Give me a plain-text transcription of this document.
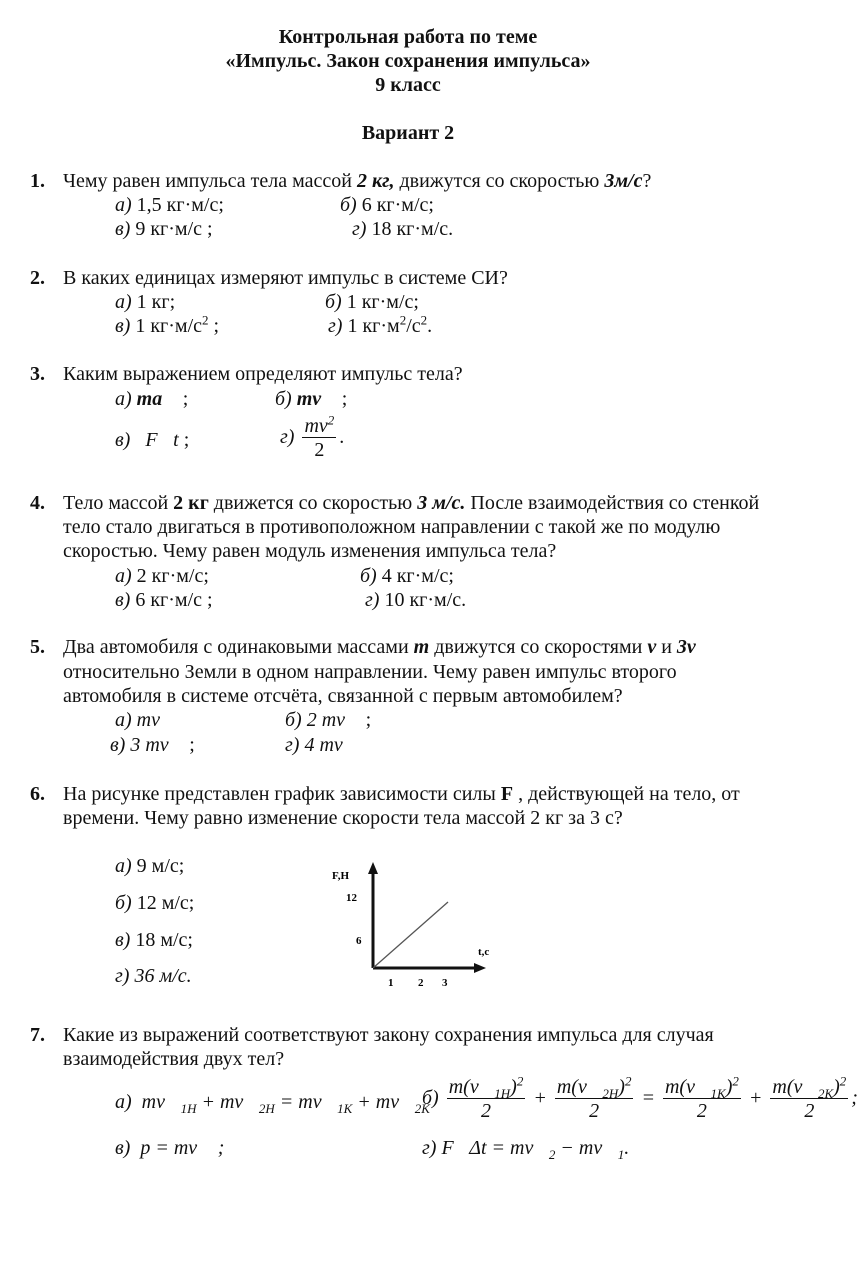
Контрольная работа по теме
«Импульс. Закон сохранения импульса»
9 класс
Вариант 2
1. Чему равен импульса тела массой 2 кг, движутся со скоростью 3м/с?
а) 1,5 кг·м/с;	б) 6 кг·м/с;
в) 9 кг·м/с ;	г) 18 кг·м/с.
2. В каких единицах измеряют импульс в системе СИ?
а) 1 кг;	б) 1 кг·м/с;
в) 1 $кг\cdot м/с^2$ ;	г) 1 $кг\cdot м^2/с^2$.
3. Каким выражением определяют импульс тела?
а) ma⃗ ;	б) mv⃗ ;
в) F⃗t ;	$г) \frac{mv^2}{2}$ .
4. Тело массой 2 кг движется со скоростью 3 м/с. После взаимодействия со стенкой
тело стало двигаться в противоположном направлении с такой же по модулю
скоростью. Чему равен модуль изменения импульса тела?
а) 2 кг·м/с;	б) 4 кг·м/с;
в) 6 кг·м/с ;	г) 10 кг·м/с.
5. Два автомобиля с одинаковыми массами m движутся со скоростями v и 3v
относительно Земли в одном направлении. Чему равен импульс второго
автомобиля в системе отсчёта, связанной с первым автомобилем?
а) mv⃗	б) 2 mv⃗ ;
в) 3 mv⃗ ;	г) 4 mv⃗
6. На рисунке представлен график зависимости силы F , действующей на тело, от
времени. Чему равно изменение скорости тела массой 2 кг за 3 с?
а) 9 м/с;
б) 12 м/с;
в) 18 м/с;
г) 36 м/с.
F,H
12
6
t,c
1 2 3
7. Какие из выражений соответствуют закону сохранения импульса для случая
взаимодействия двух тел?
а) $mv⃗_{1H}$ + $mv⃗_{2H}$ = $mv⃗_{1K}$ + $mv⃗_{2K}$
$б) \frac{m(v⃗_{1H})^2}{2} + \frac{m(v⃗_{2H})^2}{2} = \frac{m(v⃗_{1K})^2}{2} + \frac{m(v⃗_{2K})^2}{2}$ ;
в) p = mv⃗ ;	г) F⃗Δt = $mv⃗_2$ − $mv⃗_1$.
